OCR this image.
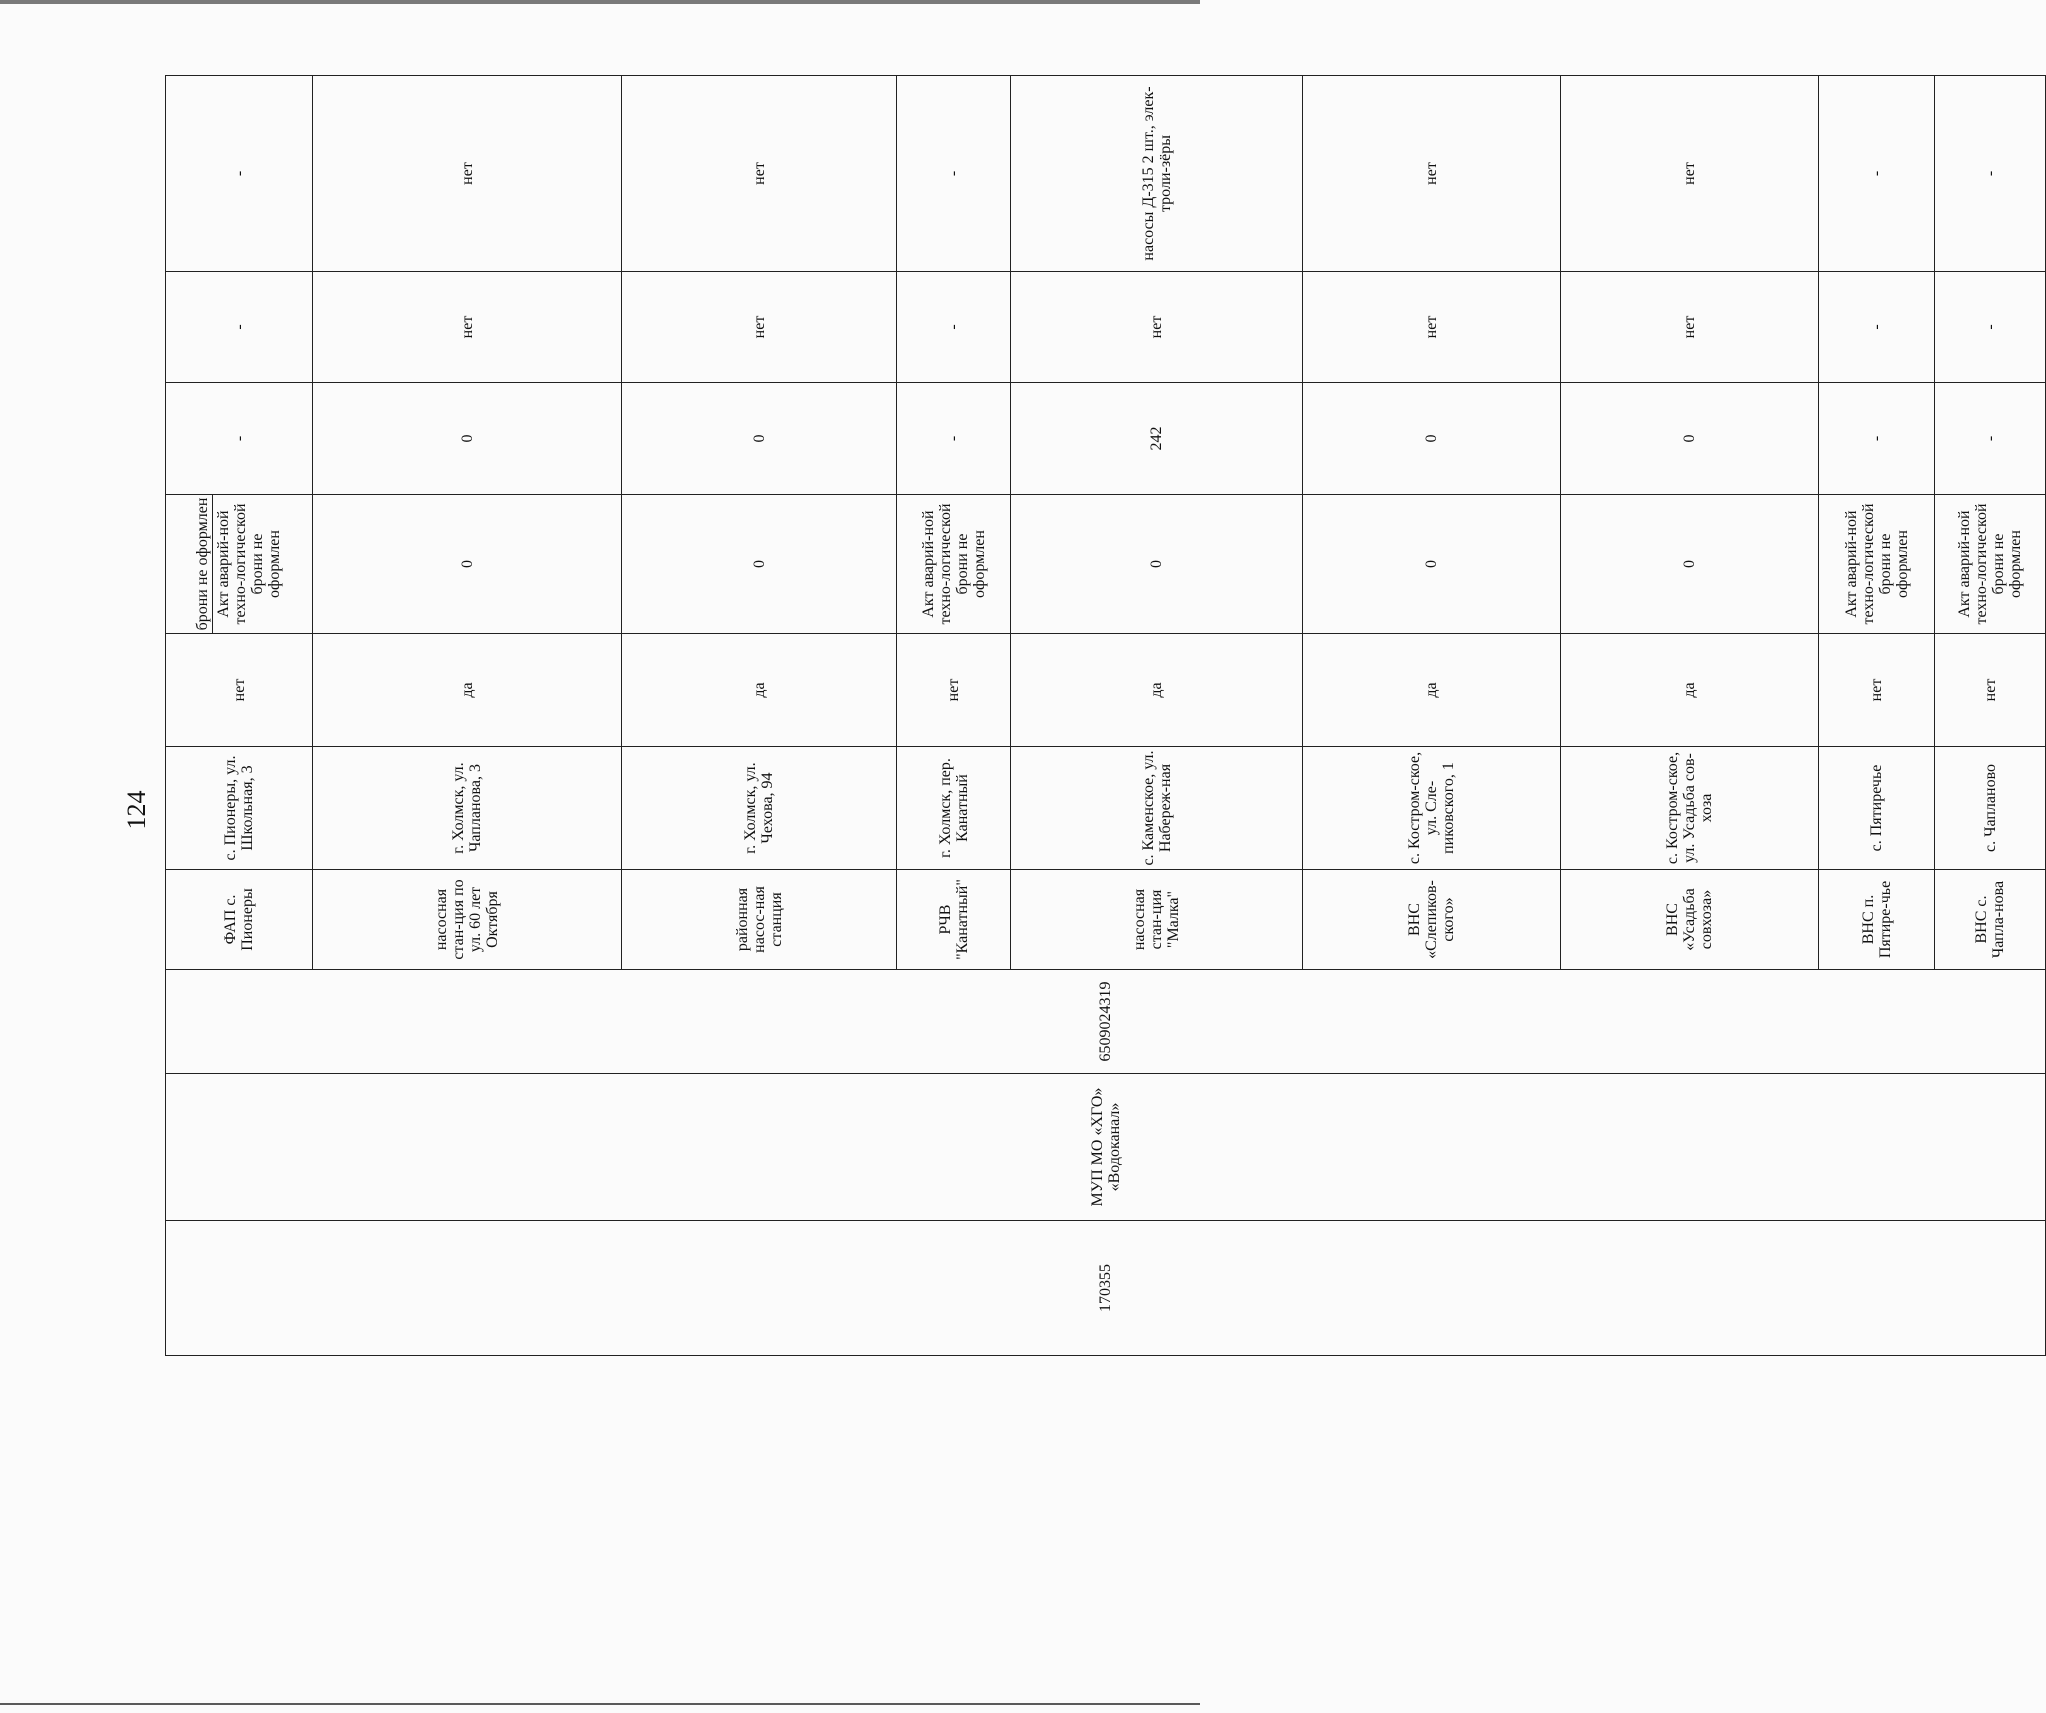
124
170355	МУП МО «ХГО» «Водоканал»	6509024319	ФАП с. Пионеры	с. Пионеры, ул. Школьная, 3	нет	брони не оформлен Акт аварий-ной техно-логической брони не оформлен	-	-	-

			насосная стан-ция по ул. 60 лет Октября	г. Холмск, ул. Чапланова, 3	да	0	0	нет	нет

			районная насос-ная станция	г. Холмск, ул. Чехова, 94	да	0	0	нет	нет

			РЧВ "Канатный"	г. Холмск, пер. Канатный	нет	Акт аварий-ной техно-логической брони не оформлен	-	-	-

			насосная стан-ция "Малка"	с. Каменское, ул. Набереж-ная	да	0	242	нет	насосы Д-315 2 шт., элек-троли-зёры

			ВНС «Слепиков-ского»	с. Костром-ское, ул. Сле-пиковского, 1	да	0	0	нет	нет

			ВНС «Усадьба совхоза»	с. Костром-ское, ул. Усадьба сов-хоза	да	0	0	нет	нет

			ВНС п. Пятире-чье	с. Пятиречье	нет	Акт аварий-ной техно-логической брони не оформлен	-	-	-

			ВНС с. Чапла-нова	с. Чапланово	нет	Акт аварий-ной техно-логической брони не оформлен	-	-	-
